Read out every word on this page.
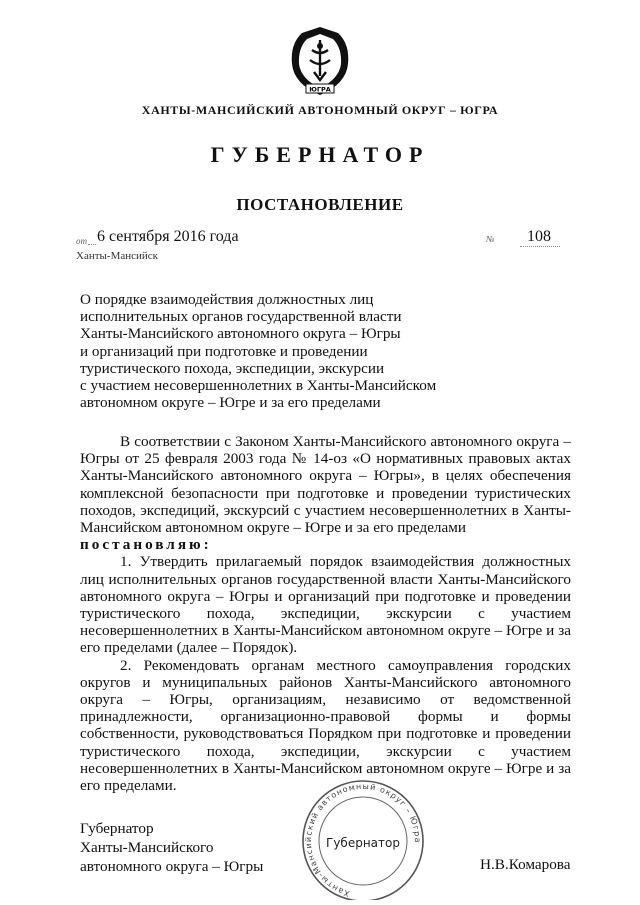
ЮГРА
ХАНТЫ-МАНСИЙСКИЙ АВТОНОМНЫЙ ОКРУГ – ЮГРА
ГУБЕРНАТОР
ПОСТАНОВЛЕНИЕ
от 6 сентября 2016 года	№ 108
Ханты-Мансийск
О порядке взаимодействия должностных лиц
исполнительных органов государственной власти
Ханты-Мансийского автономного округа – Югры
и организаций при подготовке и проведении
туристического похода, экспедиции, экскурсии
с участием несовершеннолетних в Ханты-Мансийском
автономном округе – Югре и за его пределами

В соответствии с Законом Ханты-Мансийского автономного округа – Югры от 25 февраля 2003 года № 14-оз «О нормативных правовых актах Ханты-Мансийского автономного округа – Югры», в целях обеспечения комплексной безопасности при подготовке и проведении туристических походов, экспедиций, экскурсий с участием несовершеннолетних в Ханты-Мансийском автономном округе – Югре и за его пределами

постановляю:

1. Утвердить прилагаемый порядок взаимодействия должностных лиц исполнительных органов государственной власти Ханты-Мансийского автономного округа – Югры и организаций при подготовке и проведении туристического похода, экспедиции, экскурсии с участием несовершеннолетних в Ханты-Мансийском автономном округе – Югре и за его пределами (далее – Порядок).

2. Рекомендовать органам местного самоуправления городских округов и муниципальных районов Ханты-Мансийского автономного округа – Югры, организациям, независимо от ведомственной принадлежности, организационно-правовой формы и формы собственности, руководствоваться Порядком при подготовке и проведении туристического похода, экспедиции, экскурсии с участием несовершеннолетних в Ханты-Мансийском автономном округе – Югре и за его пределами.

Губернатор
Ханты-Мансийского
автономного округа – Югры	Н.В.Комарова
Ханты-Мансийский автономный округ – Югра
Губернатор
